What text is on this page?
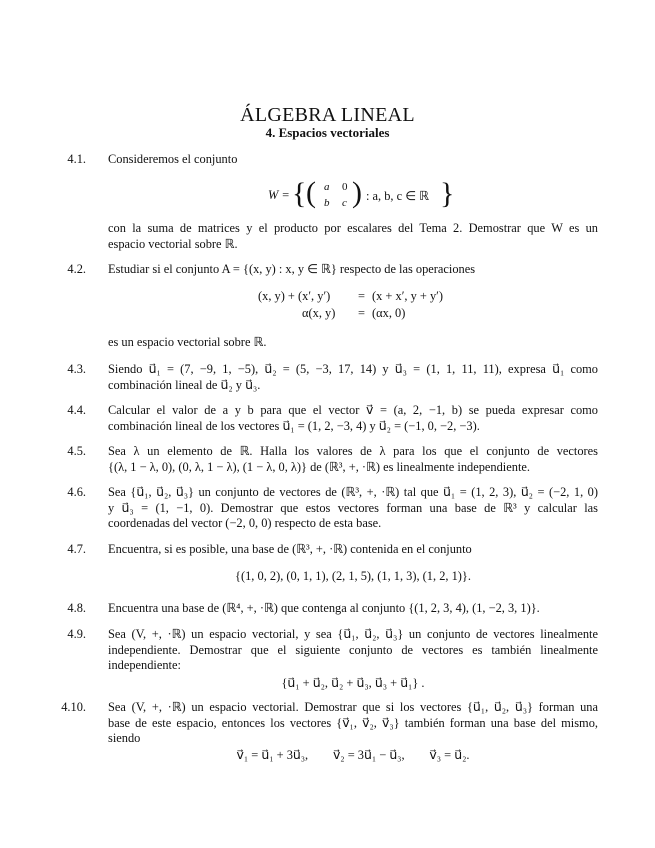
ÁLGEBRA LINEAL
4. Espacios vectoriales
4.1. Consideremos el conjunto
W = { ( a 0
b c ) : a, b, c ∈ ℝ }
con la suma de matrices y el producto por escalares del Tema 2. Demostrar que W es un
espacio vectorial sobre ℝ.
4.2. Estudiar si el conjunto A = {(x, y) : x, y ∈ ℝ} respecto de las operaciones
(x, y) + (x′, y′) = (x + x′, y + y′)
α(x, y) = (αx, 0)
es un espacio vectorial sobre ℝ.
4.3. Siendo u⃗₁ = (7, −9, 1, −5), u⃗₂ = (5, −3, 17, 14) y u⃗₃ = (1, 1, 11, 11), expresa u⃗₁ como
combinación lineal de u⃗₂ y u⃗₃.
4.4. Calcular el valor de a y b para que el vector v⃗ = (a, 2, −1, b) se pueda expresar como
combinación lineal de los vectores u⃗₁ = (1, 2, −3, 4) y u⃗₂ = (−1, 0, −2, −3).
4.5. Sea λ un elemento de ℝ. Halla los valores de λ para los que el conjunto de vectores
{(λ, 1 − λ, 0), (0, λ, 1 − λ), (1 − λ, 0, λ)} de (ℝ³, +, ·ℝ) es linealmente independiente.
4.6. Sea {u⃗₁, u⃗₂, u⃗₃} un conjunto de vectores de (ℝ³, +, ·ℝ) tal que u⃗₁ = (1, 2, 3), u⃗₂ = (−2, 1, 0)
y u⃗₃ = (1, −1, 0). Demostrar que estos vectores forman una base de ℝ³ y calcular las
coordenadas del vector (−2, 0, 0) respecto de esta base.
4.7. Encuentra, si es posible, una base de (ℝ³, +, ·ℝ) contenida en el conjunto
{(1, 0, 2), (0, 1, 1), (2, 1, 5), (1, 1, 3), (1, 2, 1)}.
4.8. Encuentra una base de (ℝ⁴, +, ·ℝ) que contenga al conjunto {(1, 2, 3, 4), (1, −2, 3, 1)}.
4.9. Sea (V, +, ·ℝ) un espacio vectorial, y sea {u⃗₁, u⃗₂, u⃗₃} un conjunto de vectores linealmente
independiente. Demostrar que el siguiente conjunto de vectores es también linealmente
independiente:
{u⃗₁ + u⃗₂, u⃗₂ + u⃗₃, u⃗₃ + u⃗₁} .
4.10. Sea (V, +, ·ℝ) un espacio vectorial. Demostrar que si los vectores {u⃗₁, u⃗₂, u⃗₃} forman una
base de este espacio, entonces los vectores {v⃗₁, v⃗₂, v⃗₃} también forman una base del mismo,
siendo
v⃗₁ = u⃗₁ + 3u⃗₃,        v⃗₂ = 3u⃗₁ − u⃗₃,        v⃗₃ = u⃗₂.
